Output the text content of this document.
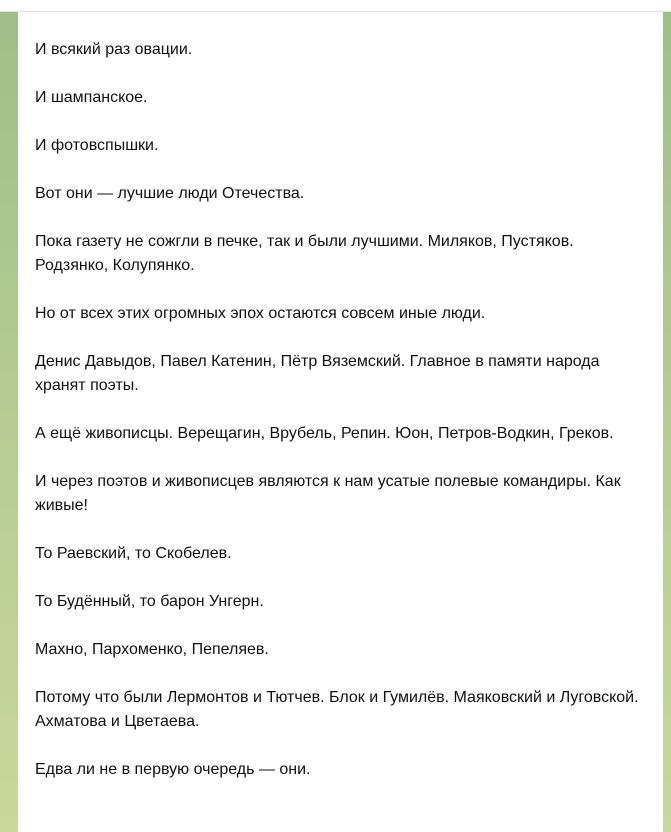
И всякий раз овации.

И шампанское.

И фотовспышки.

Вот они — лучшие люди Отечества.

Пока газету не сожгли в печке, так и были лучшими. Миляков, Пустяков. Родзянко, Колупянко.

Но от всех этих огромных эпох остаются совсем иные люди.

Денис Давыдов, Павел Катенин, Пётр Вяземский. Главное в памяти народа хранят поэты.

А ещё живописцы. Верещагин, Врубель, Репин. Юон, Петров-Водкин, Греков.

И через поэтов и живописцев являются к нам усатые полевые командиры. Как живые!

То Раевский, то Скобелев.

То Будённый, то барон Унгерн.

Махно, Пархоменко, Пепеляев.

Потому что были Лермонтов и Тютчев. Блок и Гумилёв. Маяковский и Луговской. Ахматова и Цветаева.

Едва ли не в первую очередь — они.
